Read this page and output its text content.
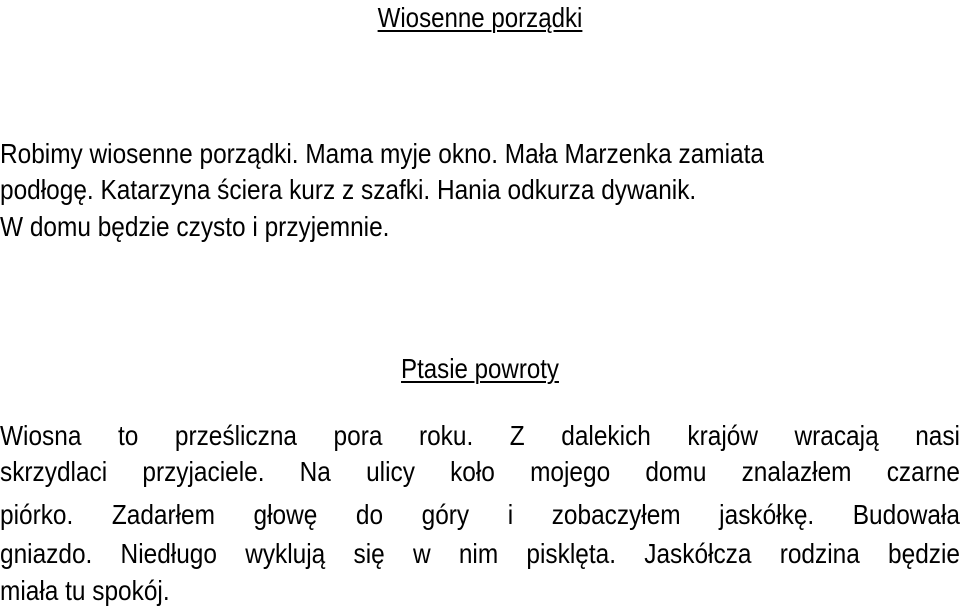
Wiosenne porządki

Robimy wiosenne porządki. Mama myje okno. Mała Marzenka zamiata

podłogę. Katarzyna ściera kurz z szafki. Hania odkurza dywanik.

W domu będzie czysto i przyjemnie.

Ptasie powroty
Wiosna to prześliczna pora roku. Z dalekich krajów wracają nasi
skrzydlaci przyjaciele. Na ulicy koło mojego domu znalazłem czarne
piórko. Zadarłem głowę do góry i zobaczyłem jaskółkę. Budowała
gniazdo. Niedługo wyklują się w nim pisklęta. Jaskółcza rodzina będzie
miała tu spokój.
